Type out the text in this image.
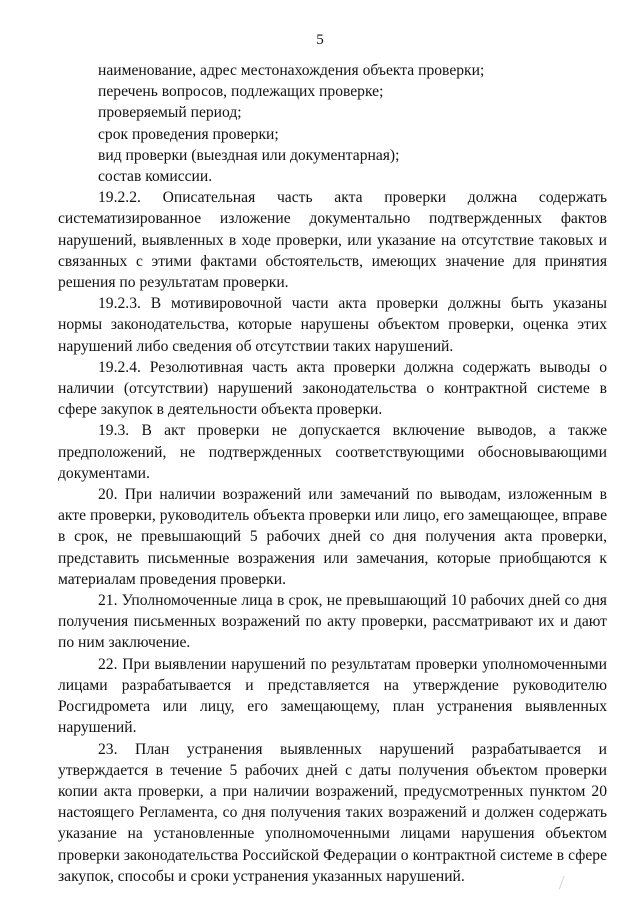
5

наименование, адрес местонахождения объекта проверки;

перечень вопросов, подлежащих проверке;

проверяемый период;

срок проведения проверки;

вид проверки (выездная или документарная);

состав комиссии.

19.2.2. Описательная часть акта проверки должна содержать систематизированное изложение документально подтвержденных фактов нарушений, выявленных в ходе проверки, или указание на отсутствие таковых и связанных с этими фактами обстоятельств, имеющих значение для принятия решения по результатам проверки.

19.2.3. В мотивировочной части акта проверки должны быть указаны нормы законодательства, которые нарушены объектом проверки, оценка этих нарушений либо сведения об отсутствии таких нарушений.

19.2.4. Резолютивная часть акта проверки должна содержать выводы о наличии (отсутствии) нарушений законодательства о контрактной системе в сфере закупок в деятельности объекта проверки.

19.3. В акт проверки не допускается включение выводов, а также предположений, не подтвержденных соответствующими обосновывающими документами.

20. При наличии возражений или замечаний по выводам, изложенным в акте проверки, руководитель объекта проверки или лицо, его замещающее, вправе в срок, не превышающий 5 рабочих дней со дня получения акта проверки, представить письменные возражения или замечания, которые приобщаются к материалам проведения проверки.

21. Уполномоченные лица в срок, не превышающий 10 рабочих дней со дня получения письменных возражений по акту проверки, рассматривают их и дают по ним заключение.

22. При выявлении нарушений по результатам проверки уполномоченными лицами разрабатывается и представляется на утверждение руководителю Росгидромета или лицу, его замещающему, план устранения выявленных нарушений.

23. План устранения выявленных нарушений разрабатывается и утверждается в течение 5 рабочих дней с даты получения объектом проверки копии акта проверки, а при наличии возражений, предусмотренных пунктом 20 настоящего Регламента, со дня получения таких возражений и должен содержать указание на установленные уполномоченными лицами нарушения объектом проверки законодательства Российской Федерации о контрактной системе в сфере закупок, способы и сроки устранения указанных нарушений.
